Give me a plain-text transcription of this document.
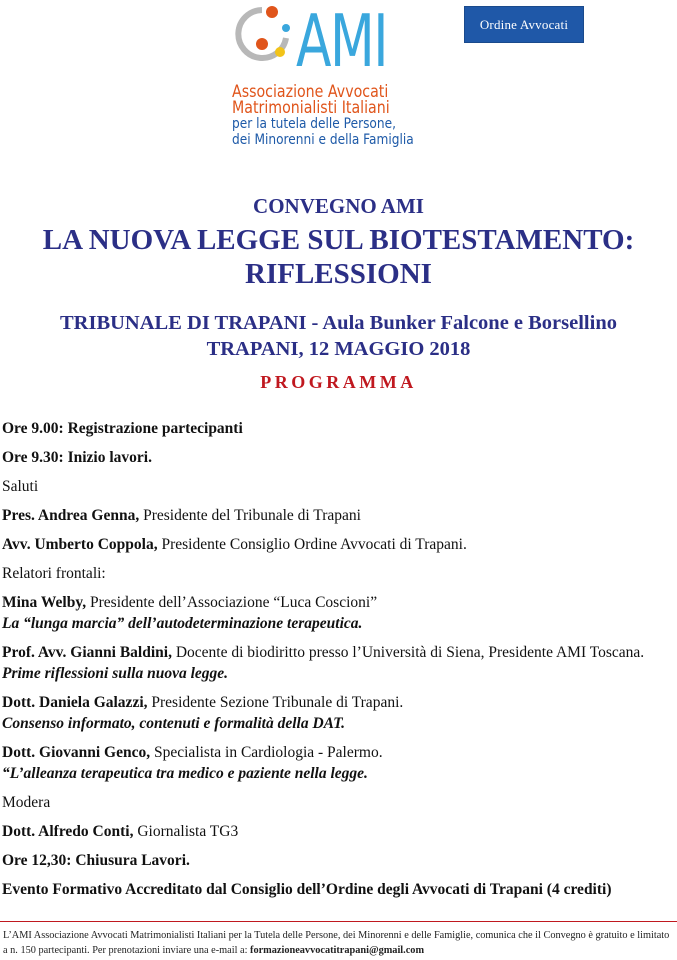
AMI	Ordine Avvocati
Associazione Avvocati
Matrimonialisti Italiani
per la tutela delle Persone,
dei Minorenni e della Famiglia
CONVEGNO AMI
LA NUOVA LEGGE SUL BIOTESTAMENTO:
RIFLESSIONI
TRIBUNALE DI TRAPANI - Aula Bunker Falcone e Borsellino
TRAPANI, 12 MAGGIO 2018
PROGRAMMA
Ore 9.00: Registrazione partecipanti
Ore 9.30: Inizio lavori.
Saluti
Pres. Andrea Genna, Presidente del Tribunale di Trapani
Avv. Umberto Coppola, Presidente Consiglio Ordine Avvocati di Trapani.
Relatori frontali:
Mina Welby, Presidente dell’Associazione “Luca Coscioni”
La “lunga marcia” dell’autodeterminazione terapeutica.
Prof. Avv. Gianni Baldini, Docente di biodiritto presso l’Università di Siena, Presidente AMI Toscana.
Prime riflessioni sulla nuova legge.
Dott. Daniela Galazzi, Presidente Sezione Tribunale di Trapani.
Consenso informato, contenuti e formalità della DAT.
Dott. Giovanni Genco, Specialista in Cardiologia - Palermo.
“L’alleanza terapeutica tra medico e paziente nella legge.
Modera
Dott. Alfredo Conti, Giornalista TG3
Ore 12,30: Chiusura Lavori.
Evento Formativo Accreditato dal Consiglio dell’Ordine degli Avvocati di Trapani (4 crediti)
L’AMI Associazione Avvocati Matrimonialisti Italiani per la Tutela delle Persone, dei Minorenni e delle Famiglie, comunica che il Convegno è gratuito e limitato
a n. 150 partecipanti. Per prenotazioni inviare una e-mail a: formazioneavvocatitrapani@gmail.com
